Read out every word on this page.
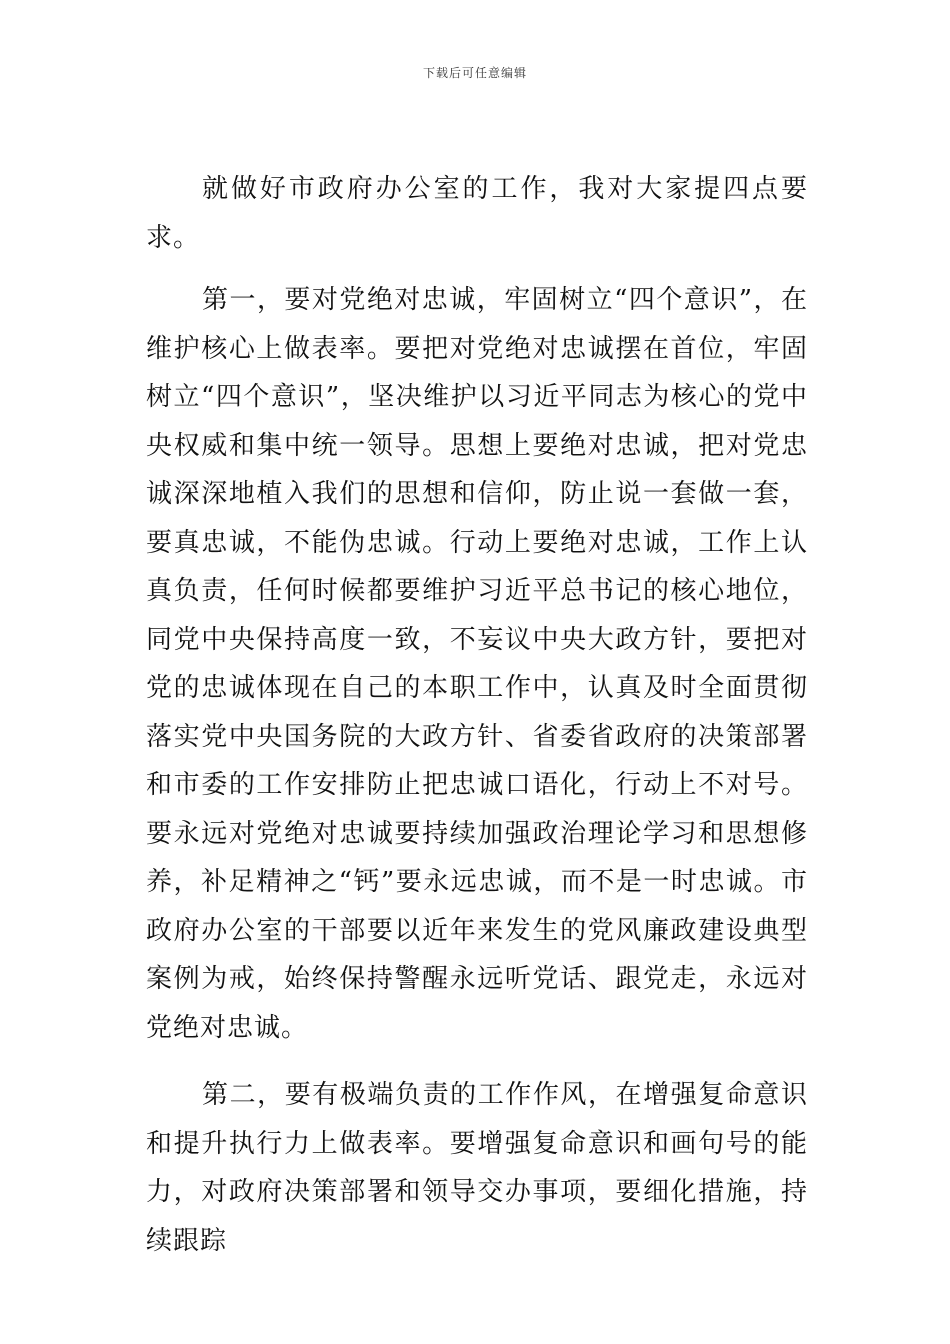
下载后可任意编辑

就做好市政府办公室的工作，我对大家提四点要求。

第一，要对党绝对忠诚，牢固树立“四个意识”，在维护核心上做表率。要把对党绝对忠诚摆在首位，牢固树立“四个意识”，坚决维护以习近平同志为核心的党中央权威和集中统一领导。思想上要绝对忠诚，把对党忠诚深深地植入我们的思想和信仰，防止说一套做一套，要真忠诚，不能伪忠诚。行动上要绝对忠诚，工作上认真负责，任何时候都要维护习近平总书记的核心地位，同党中央保持高度一致，不妄议中央大政方针，要把对党的忠诚体现在自己的本职工作中，认真及时全面贯彻落实党中央国务院的大政方针、省委省政府的决策部署和市委的工作安排防止把忠诚口语化，行动上不对号。要永远对党绝对忠诚要持续加强政治理论学习和思想修养，补足精神之“钙”要永远忠诚，而不是一时忠诚。市政府办公室的干部要以近年来发生的党风廉政建设典型案例为戒，始终保持警醒永远听党话、跟党走，永远对党绝对忠诚。

第二，要有极端负责的工作作风，在增强复命意识和提升执行力上做表率。要增强复命意识和画句号的能力，对政府决策部署和领导交办事项，要细化措施，持续跟踪
